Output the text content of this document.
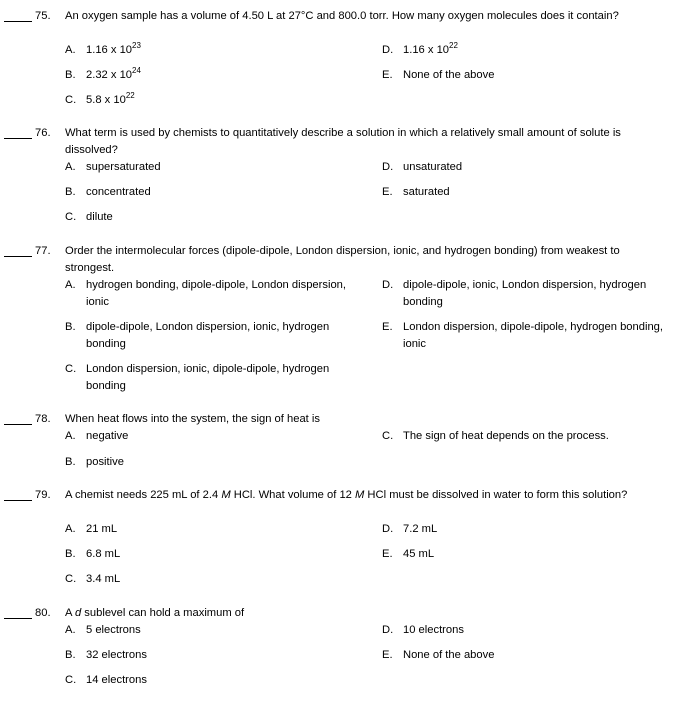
75. An oxygen sample has a volume of 4.50 L at 27°C and 800.0 torr. How many oxygen molecules does it contain?
A. 1.16 x $10^{23}$
B. 2.32 x $10^{24}$
C. 5.8 x $10^{22}$
D. 1.16 x $10^{22}$
E. None of the above
76. What term is used by chemists to quantitatively describe a solution in which a relatively small amount of solute is dissolved?
A. supersaturated
B. concentrated
C. dilute
D. unsaturated
E. saturated
77. Order the intermolecular forces (dipole-dipole, London dispersion, ionic, and hydrogen bonding) from weakest to strongest.
A. hydrogen bonding, dipole-dipole, London dispersion, ionic
B. dipole-dipole, London dispersion, ionic, hydrogen bonding
C. London dispersion, ionic, dipole-dipole, hydrogen bonding
D. dipole-dipole, ionic, London dispersion, hydrogen bonding
E. London dispersion, dipole-dipole, hydrogen bonding, ionic
78. When heat flows into the system, the sign of heat is
A. negative
B. positive
C. The sign of heat depends on the process.
79. A chemist needs 225 mL of 2.4 M HCl. What volume of 12 M HCl must be dissolved in water to form this solution?
A. 21 mL
B. 6.8 mL
C. 3.4 mL
D. 7.2 mL
E. 45 mL
80. A d sublevel can hold a maximum of
A. 5 electrons
B. 32 electrons
C. 14 electrons
D. 10 electrons
E. None of the above
